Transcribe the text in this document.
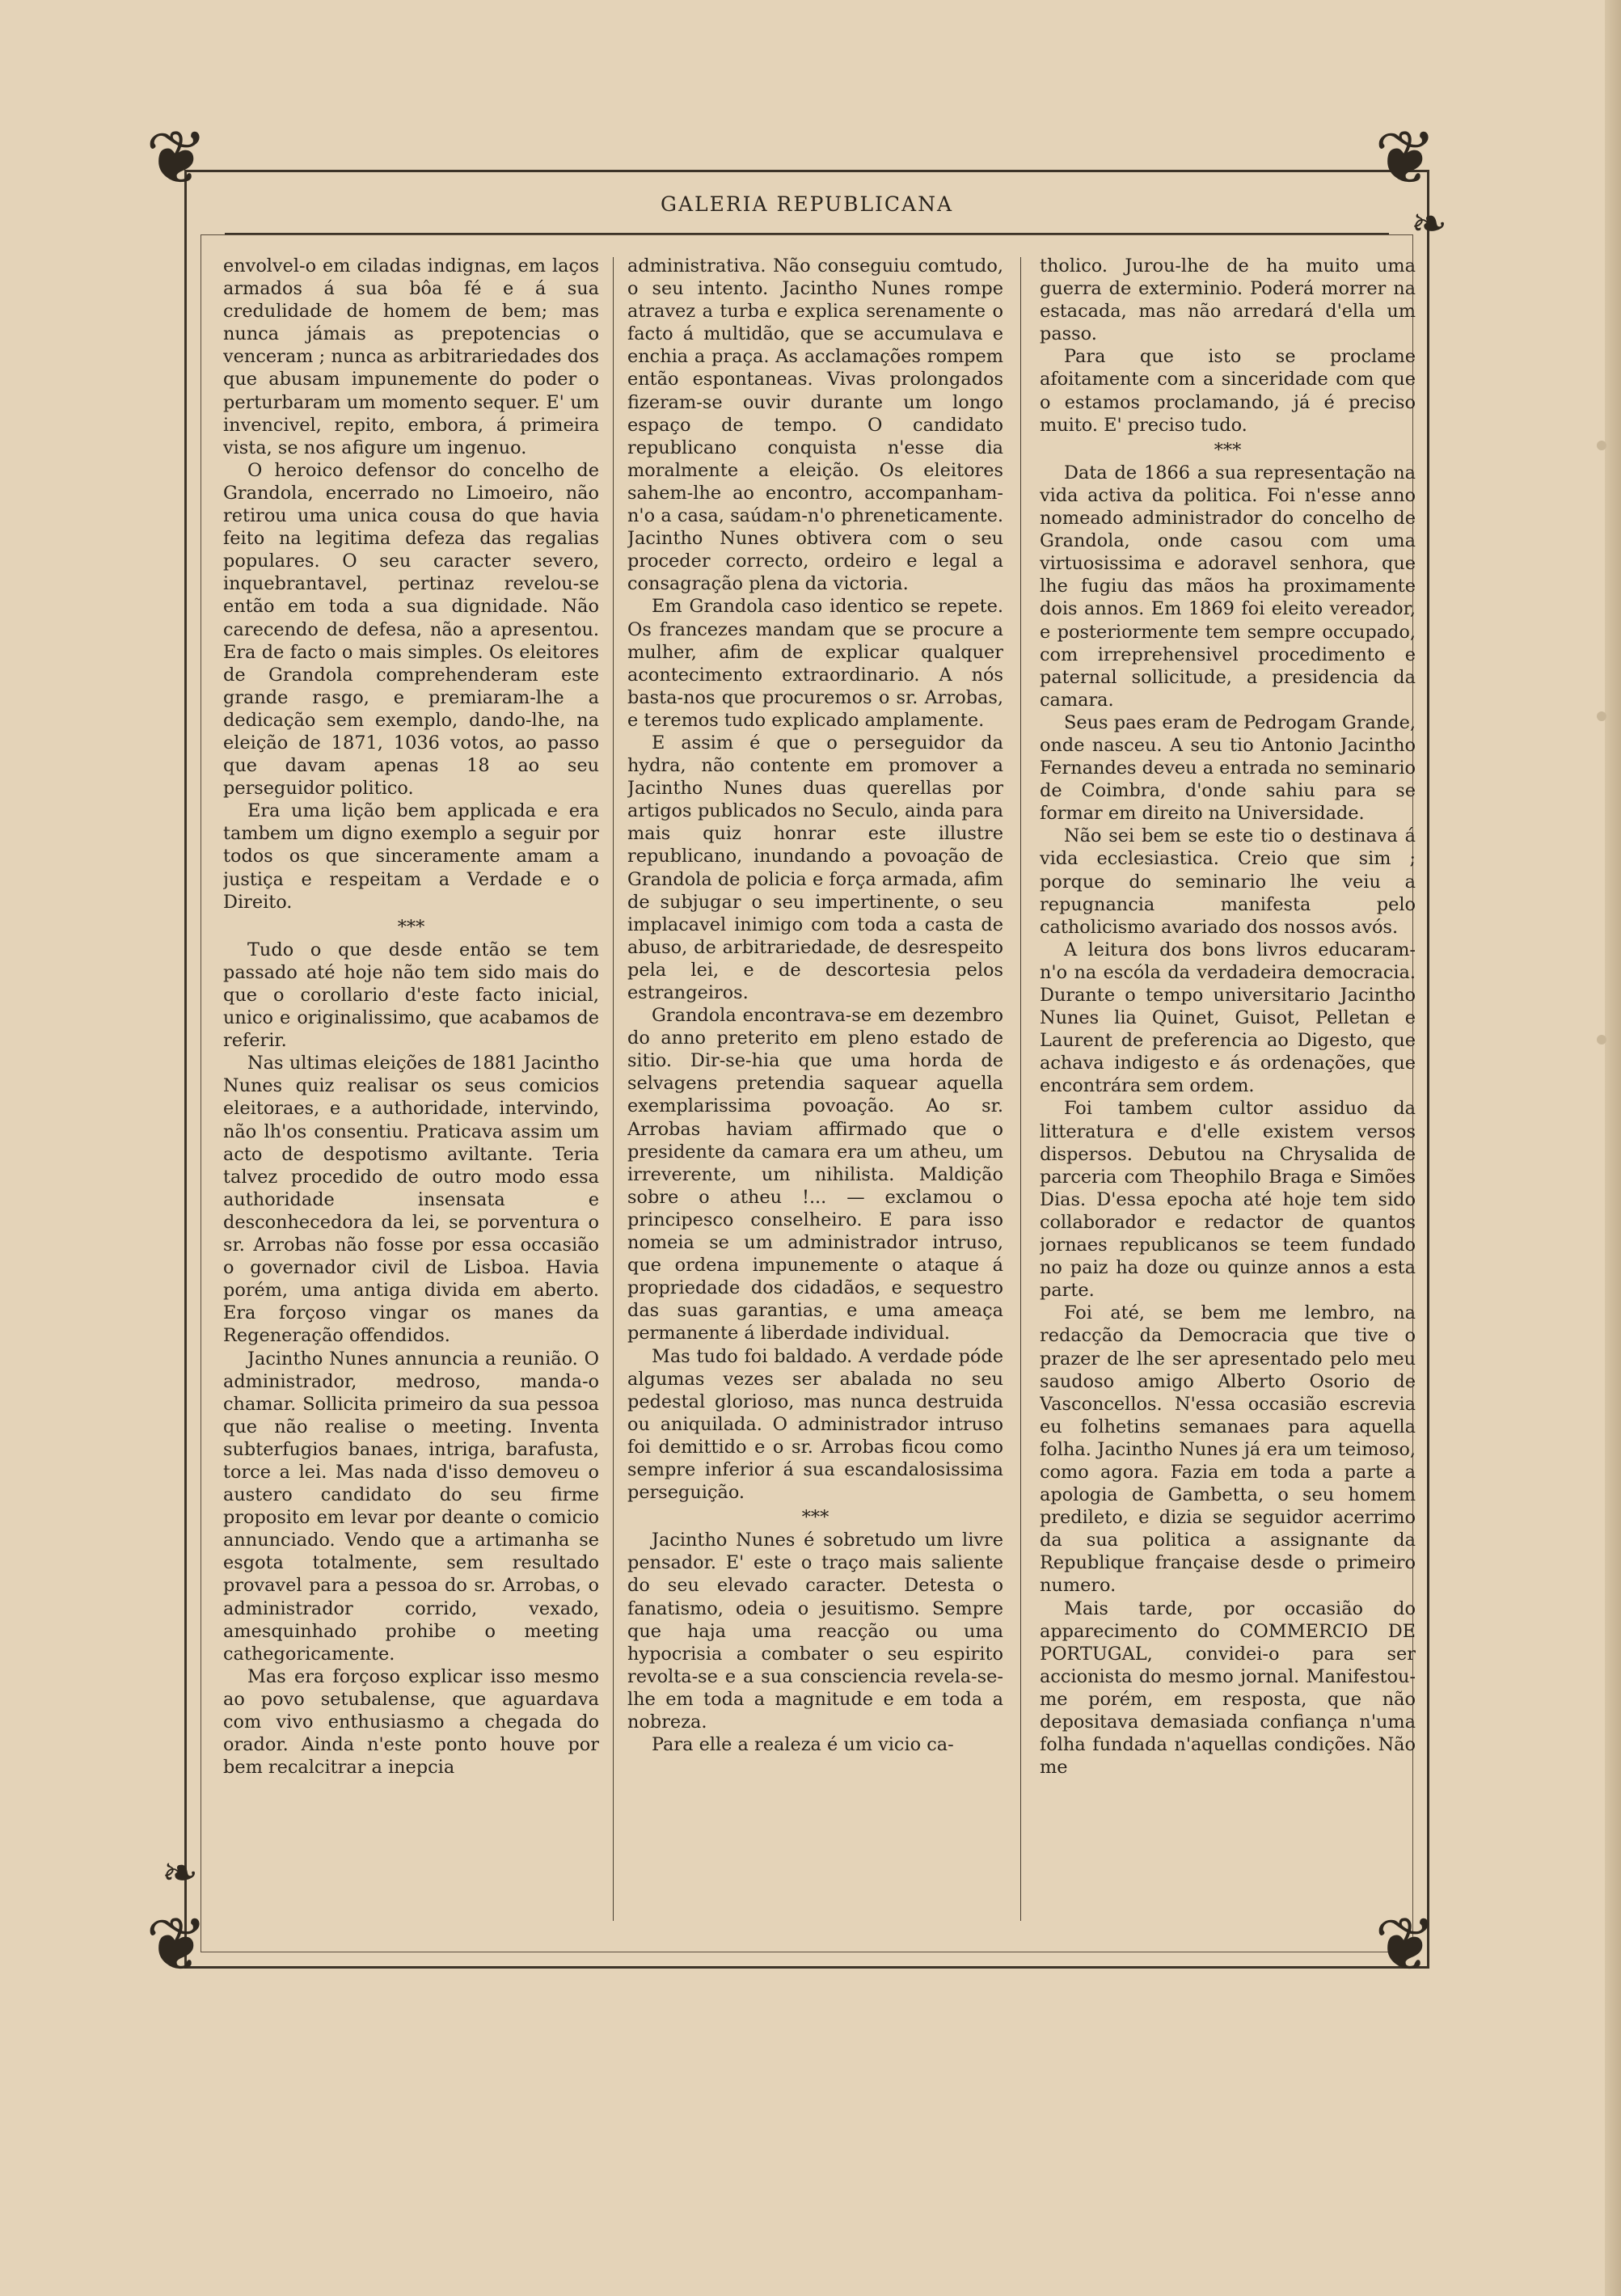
❦	❦
❦	❦
❧
❧
GALERIA REPUBLICANA

envolvel-o em ciladas indignas, em laços armados á sua bôa fé e á sua credulidade de homem de bem; mas nunca jámais as prepotencias o venceram ; nunca as arbitrariedades dos que abusam impunemente do poder o perturbaram um momento sequer. E' um invencivel, repito, embora, á primeira vista, se nos afigure um ingenuo.

O heroico defensor do concelho de Grandola, encerrado no Limoeiro, não retirou uma unica cousa do que havia feito na legitima defeza das regalias populares. O seu caracter severo, inquebrantavel, pertinaz revelou-se então em toda a sua dignidade. Não carecendo de defesa, não a apresentou. Era de facto o mais simples. Os eleitores de Grandola comprehenderam este grande rasgo, e premiaram-lhe a dedicação sem exemplo, dando-lhe, na eleição de 1871, 1036 votos, ao passo que davam apenas 18 ao seu perseguidor politico.

Era uma lição bem applicada e era tambem um digno exemplo a seguir por todos os que sinceramente amam a justiça e respeitam a Verdade e o Direito.

***

Tudo o que desde então se tem passado até hoje não tem sido mais do que o corollario d'este facto inicial, unico e originalissimo, que acabamos de referir.

Nas ultimas eleições de 1881 Jacintho Nunes quiz realisar os seus comicios eleitoraes, e a authoridade, intervindo, não lh'os consentiu. Praticava assim um acto de despotismo aviltante. Teria talvez procedido de outro modo essa authoridade insensata e desconhecedora da lei, se porventura o sr. Arrobas não fosse por essa occasião o governador civil de Lisboa. Havia porém, uma antiga divida em aberto. Era forçoso vingar os manes da Regeneração offendidos.

Jacintho Nunes annuncia a reunião. O administrador, medroso, manda-o chamar. Sollicita primeiro da sua pessoa que não realise o meeting. Inventa subterfugios banaes, intriga, barafusta, torce a lei. Mas nada d'isso demoveu o austero candidato do seu firme proposito em levar por deante o comicio annunciado. Vendo que a artimanha se esgota totalmente, sem resultado provavel para a pessoa do sr. Arrobas, o administrador corrido, vexado, amesquinhado prohibe o meeting cathegoricamente.

Mas era forçoso explicar isso mesmo ao povo setubalense, que aguardava com vivo enthusiasmo a chegada do orador. Ainda n'este ponto houve por bem recalcitrar a inepcia

administrativa. Não conseguiu comtudo, o seu intento. Jacintho Nunes rompe atravez a turba e explica serenamente o facto á multidão, que se accumulava e enchia a praça. As acclamações rompem então espontaneas. Vivas prolongados fizeram-se ouvir durante um longo espaço de tempo. O candidato republicano conquista n'esse dia moralmente a eleição. Os eleitores sahem-lhe ao encontro, accompanham-n'o a casa, saúdam-n'o phreneticamente. Jacintho Nunes obtivera com o seu proceder correcto, ordeiro e legal a consagração plena da victoria.

Em Grandola caso identico se repete. Os francezes mandam que se procure a mulher, afim de explicar qualquer acontecimento extraordinario. A nós basta-nos que procuremos o sr. Arrobas, e teremos tudo explicado amplamente.

E assim é que o perseguidor da hydra, não contente em promover a Jacintho Nunes duas querellas por artigos publicados no Seculo, ainda para mais quiz honrar este illustre republicano, inundando a povoação de Grandola de policia e força armada, afim de subjugar o seu impertinente, o seu implacavel inimigo com toda a casta de abuso, de arbitrariedade, de desrespeito pela lei, e de descortesia pelos estrangeiros.

Grandola encontrava-se em dezembro do anno preterito em pleno estado de sitio. Dir-se-hia que uma horda de selvagens pretendia saquear aquella exemplarissima povoação. Ao sr. Arrobas haviam affirmado que o presidente da camara era um atheu, um irreverente, um nihilista. Maldição sobre o atheu !... — exclamou o principesco conselheiro. E para isso nomeia se um administrador intruso, que ordena impunemente o ataque á propriedade dos cidadãos, e sequestro das suas garantias, e uma ameaça permanente á liberdade individual.

Mas tudo foi baldado. A verdade póde algumas vezes ser abalada no seu pedestal glorioso, mas nunca destruida ou aniquilada. O administrador intruso foi demittido e o sr. Arrobas ficou como sempre inferior á sua escandalosissima perseguição.

***

Jacintho Nunes é sobretudo um livre pensador. E' este o traço mais saliente do seu elevado caracter. Detesta o fanatismo, odeia o jesuitismo. Sempre que haja uma reacção ou uma hypocrisia a combater o seu espirito revolta-se e a sua consciencia revela-se-lhe em toda a magnitude e em toda a nobreza.

Para elle a realeza é um vicio ca-

tholico. Jurou-lhe de ha muito uma guerra de exterminio. Poderá morrer na estacada, mas não arredará d'ella um passo.

Para que isto se proclame afoitamente com a sinceridade com que o estamos proclamando, já é preciso muito. E' preciso tudo.

***

Data de 1866 a sua representação na vida activa da politica. Foi n'esse anno nomeado administrador do concelho de Grandola, onde casou com uma virtuosissima e adoravel senhora, que lhe fugiu das mãos ha proximamente dois annos. Em 1869 foi eleito vereador, e posteriormente tem sempre occupado, com irreprehensivel procedimento e paternal sollicitude, a presidencia da camara.

Seus paes eram de Pedrogam Grande, onde nasceu. A seu tio Antonio Jacintho Fernandes deveu a entrada no seminario de Coimbra, d'onde sahiu para se formar em direito na Universidade.

Não sei bem se este tio o destinava á vida ecclesiastica. Creio que sim ; porque do seminario lhe veiu a repugnancia manifesta pelo catholicismo avariado dos nossos avós.

A leitura dos bons livros educaram-n'o na escóla da verdadeira democracia. Durante o tempo universitario Jacintho Nunes lia Quinet, Guisot, Pelletan e Laurent de preferencia ao Digesto, que achava indigesto e ás ordenações, que encontrára sem ordem.

Foi tambem cultor assiduo da litteratura e d'elle existem versos dispersos. Debutou na Chrysalida de parceria com Theophilo Braga e Simões Dias. D'essa epocha até hoje tem sido collaborador e redactor de quantos jornaes republicanos se teem fundado no paiz ha doze ou quinze annos a esta parte.

Foi até, se bem me lembro, na redacção da Democracia que tive o prazer de lhe ser apresentado pelo meu saudoso amigo Alberto Osorio de Vasconcellos. N'essa occasião escrevia eu folhetins semanaes para aquella folha. Jacintho Nunes já era um teimoso, como agora. Fazia em toda a parte a apologia de Gambetta, o seu homem predileto, e dizia se seguidor acerrimo da sua politica a assignante da Republique française desde o primeiro numero.

Mais tarde, por occasião do apparecimento do COMMERCIO DE PORTUGAL, convidei-o para ser accionista do mesmo jornal. Manifestou-me porém, em resposta, que não depositava demasiada confiança n'uma folha fundada n'aquellas condições. Não me
